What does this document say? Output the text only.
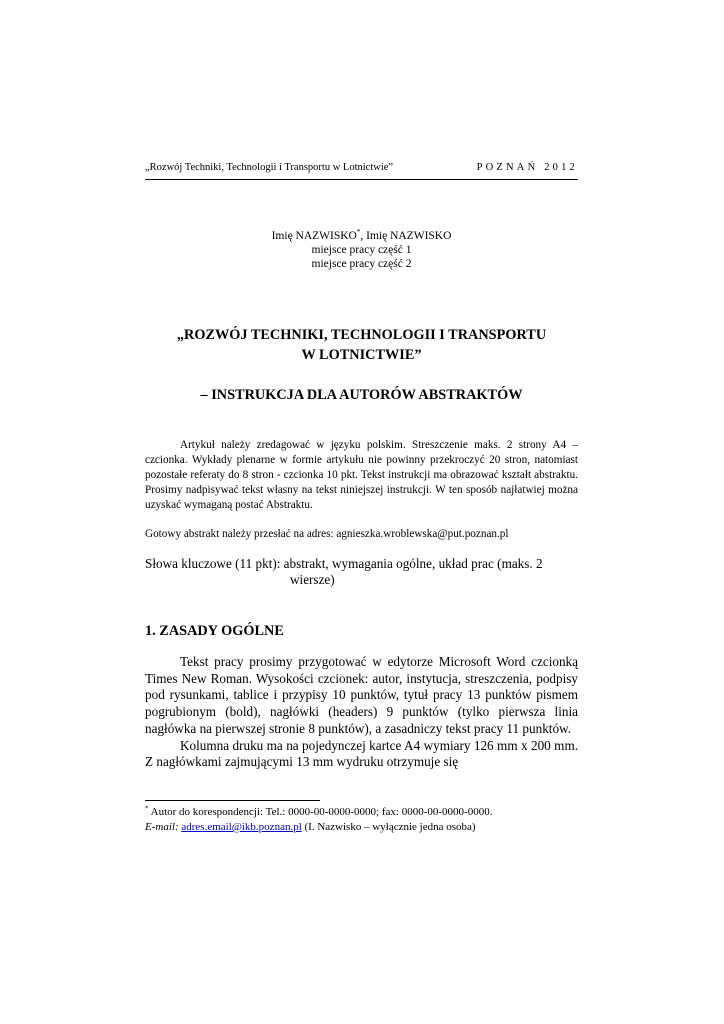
„Rozwój Techniki, Technologii i Transportu w Lotnictwie”	POZNAŃ 2012
Imię NAZWISKO*, Imię NAZWISKO
miejsce pracy część 1
miejsce pracy część 2
„ROZWÓJ TECHNIKI, TECHNOLOGII I TRANSPORTU
W LOTNICTWIE”
– INSTRUKCJA DLA AUTORÓW ABSTRAKTÓW
Artykuł należy zredagować w języku polskim. Streszczenie maks. 2 strony A4 – czcionka. Wykłady plenarne w formie artykułu nie powinny przekroczyć 20 stron, natomiast pozostałe referaty do 8 stron - czcionka 10 pkt. Tekst instrukcji ma obrazować kształt abstraktu. Prosimy nadpisywać tekst własny na tekst niniejszej instrukcji. W ten sposób najłatwiej można uzyskać wymaganą postać Abstraktu.
Gotowy abstrakt należy przesłać na adres: agnieszka.wroblewska@put.poznan.pl
Słowa kluczowe (11 pkt): abstrakt, wymagania ogólne, układ prac (maks. 2
wiersze)
1. ZASADY OGÓLNE

Tekst pracy prosimy przygotować w edytorze Microsoft Word czcionką Times New Roman. Wysokości czcionek: autor, instytucja, streszczenia, podpisy pod rysunkami, tablice i przypisy 10 punktów, tytuł pracy 13 punktów pismem pogrubionym (bold), nagłówki (headers) 9 punktów (tylko pierwsza linia nagłówka na pierwszej stronie 8 punktów), a zasadniczy tekst pracy 11 punktów.

Kolumna druku ma na pojedynczej kartce A4 wymiary 126 mm x 200 mm. Z nagłówkami zajmującymi 13 mm wydruku otrzymuje się

* Autor do korespondencji: Tel.: 0000-00-0000-0000; fax: 0000-00-0000-0000.
E-mail: adres.email@ikb.poznan.pl (I. Nazwisko – wyłącznie jedna osoba)
